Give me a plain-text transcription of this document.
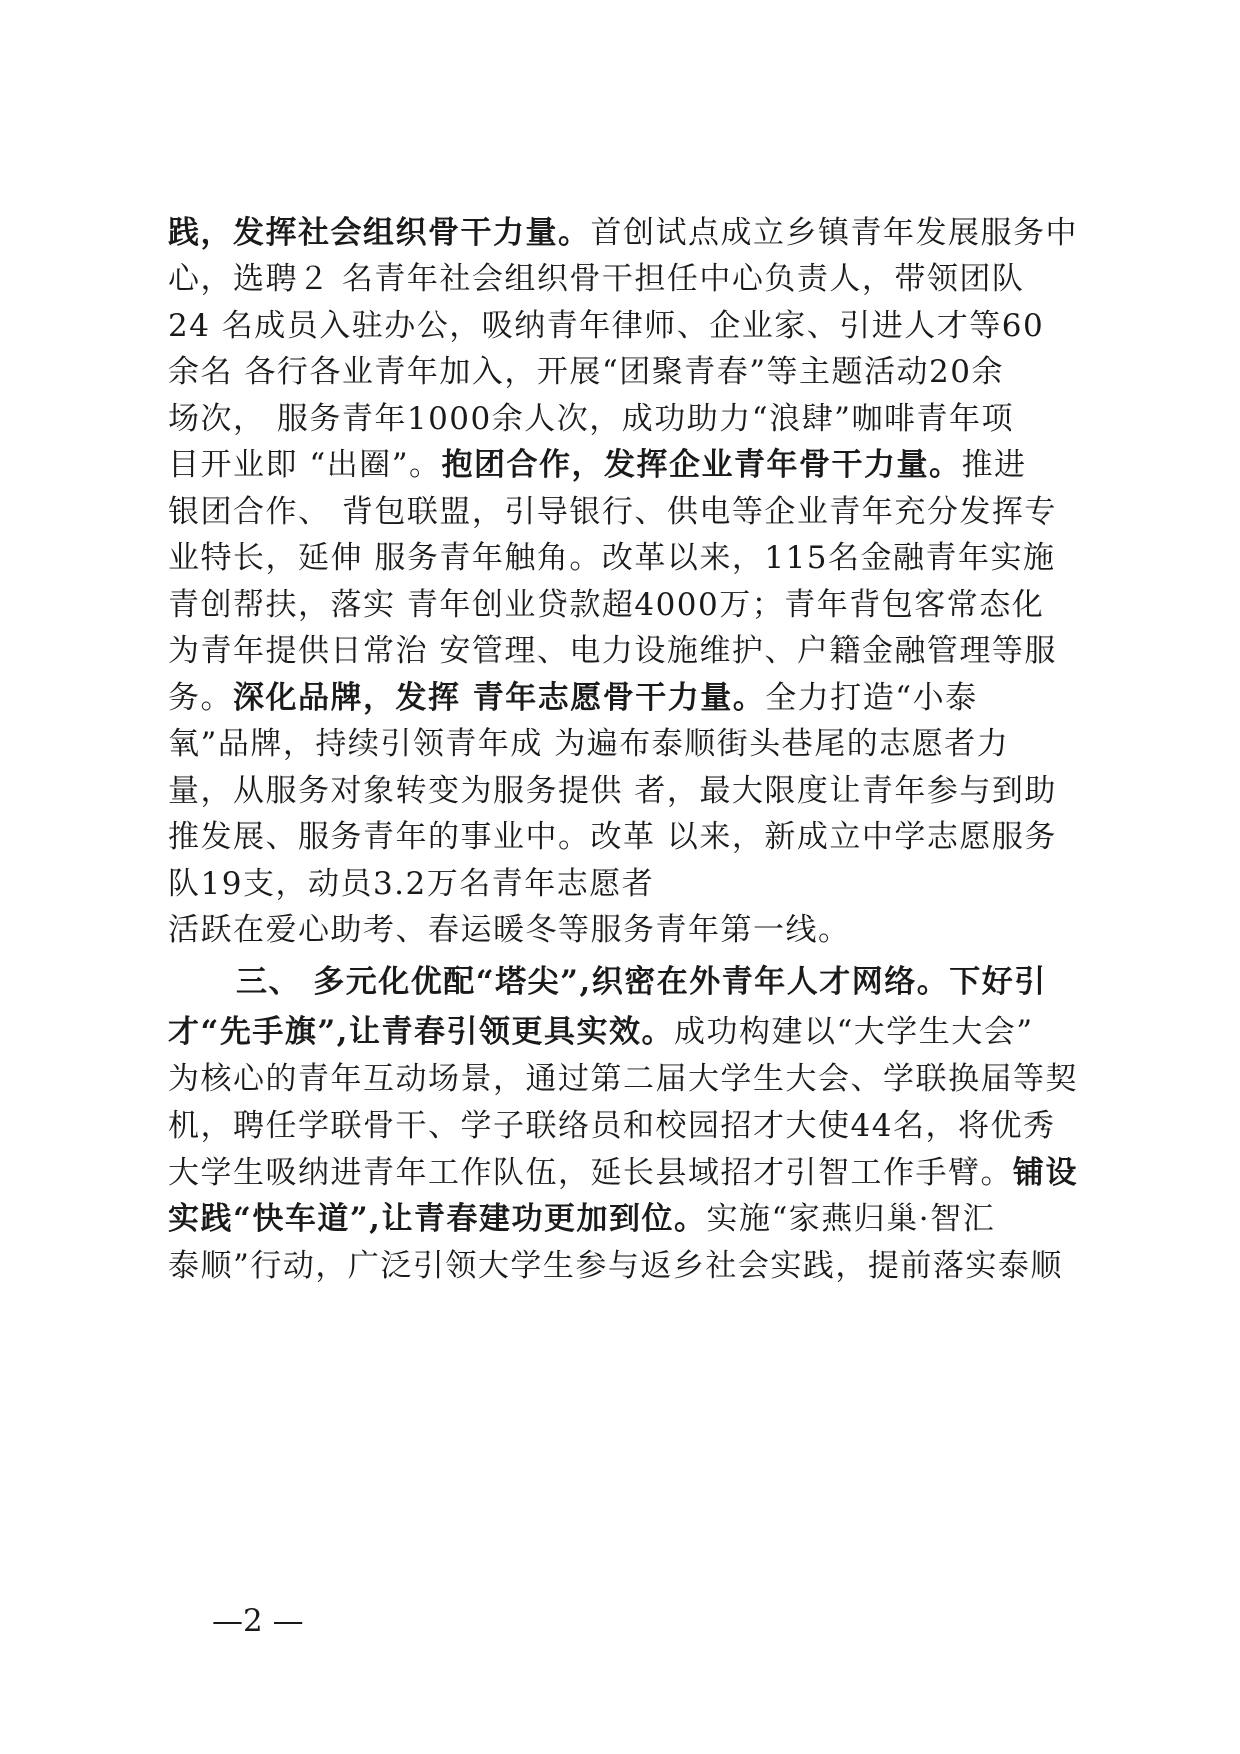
践，发挥社会组织骨干力量。首创试点成立乡镇青年发展服务中
心，选聘２ 名青年社会组织骨干担任中心负责人，带领团队
24 名成员入驻办公，吸纳青年律师、企业家、引进人才等60
余名 各行各业青年加入，开展“团聚青春”等主题活动20余
场次， 服务青年1000余人次，成功助力“浪肆”咖啡青年项
目开业即 “出圈”。抱团合作，发挥企业青年骨干力量。推进
银团合作、 背包联盟，引导银行、供电等企业青年充分发挥专
业特长，延伸 服务青年触角。改革以来，115名金融青年实施
青创帮扶，落实 青年创业贷款超4000万；青年背包客常态化
为青年提供日常治 安管理、电力设施维护、户籍金融管理等服
务。深化品牌，发挥 青年志愿骨干力量。全力打造“小泰
氧”品牌，持续引领青年成 为遍布泰顺街头巷尾的志愿者力
量，从服务对象转变为服务提供 者，最大限度让青年参与到助
推发展、服务青年的事业中。改革 以来，新成立中学志愿服务
队19支，动员3.2万名青年志愿者
活跃在爱心助考、春运暖冬等服务青年第一线。
三、 多元化优配“塔尖”,织密在外青年人才网络。下好引
才“先手旗”,让青春引领更具实效。成功构建以“大学生大会”
为核心的青年互动场景，通过第二届大学生大会、学联换届等契
机，聘任学联骨干、学子联络员和校园招才大使44名，将优秀
大学生吸纳进青年工作队伍，延长县域招才引智工作手臂。铺设
实践“快车道”,让青春建功更加到位。实施“家燕归巢·智汇
泰顺”行动，广泛引领大学生参与返乡社会实践，提前落实泰顺
—2 —
